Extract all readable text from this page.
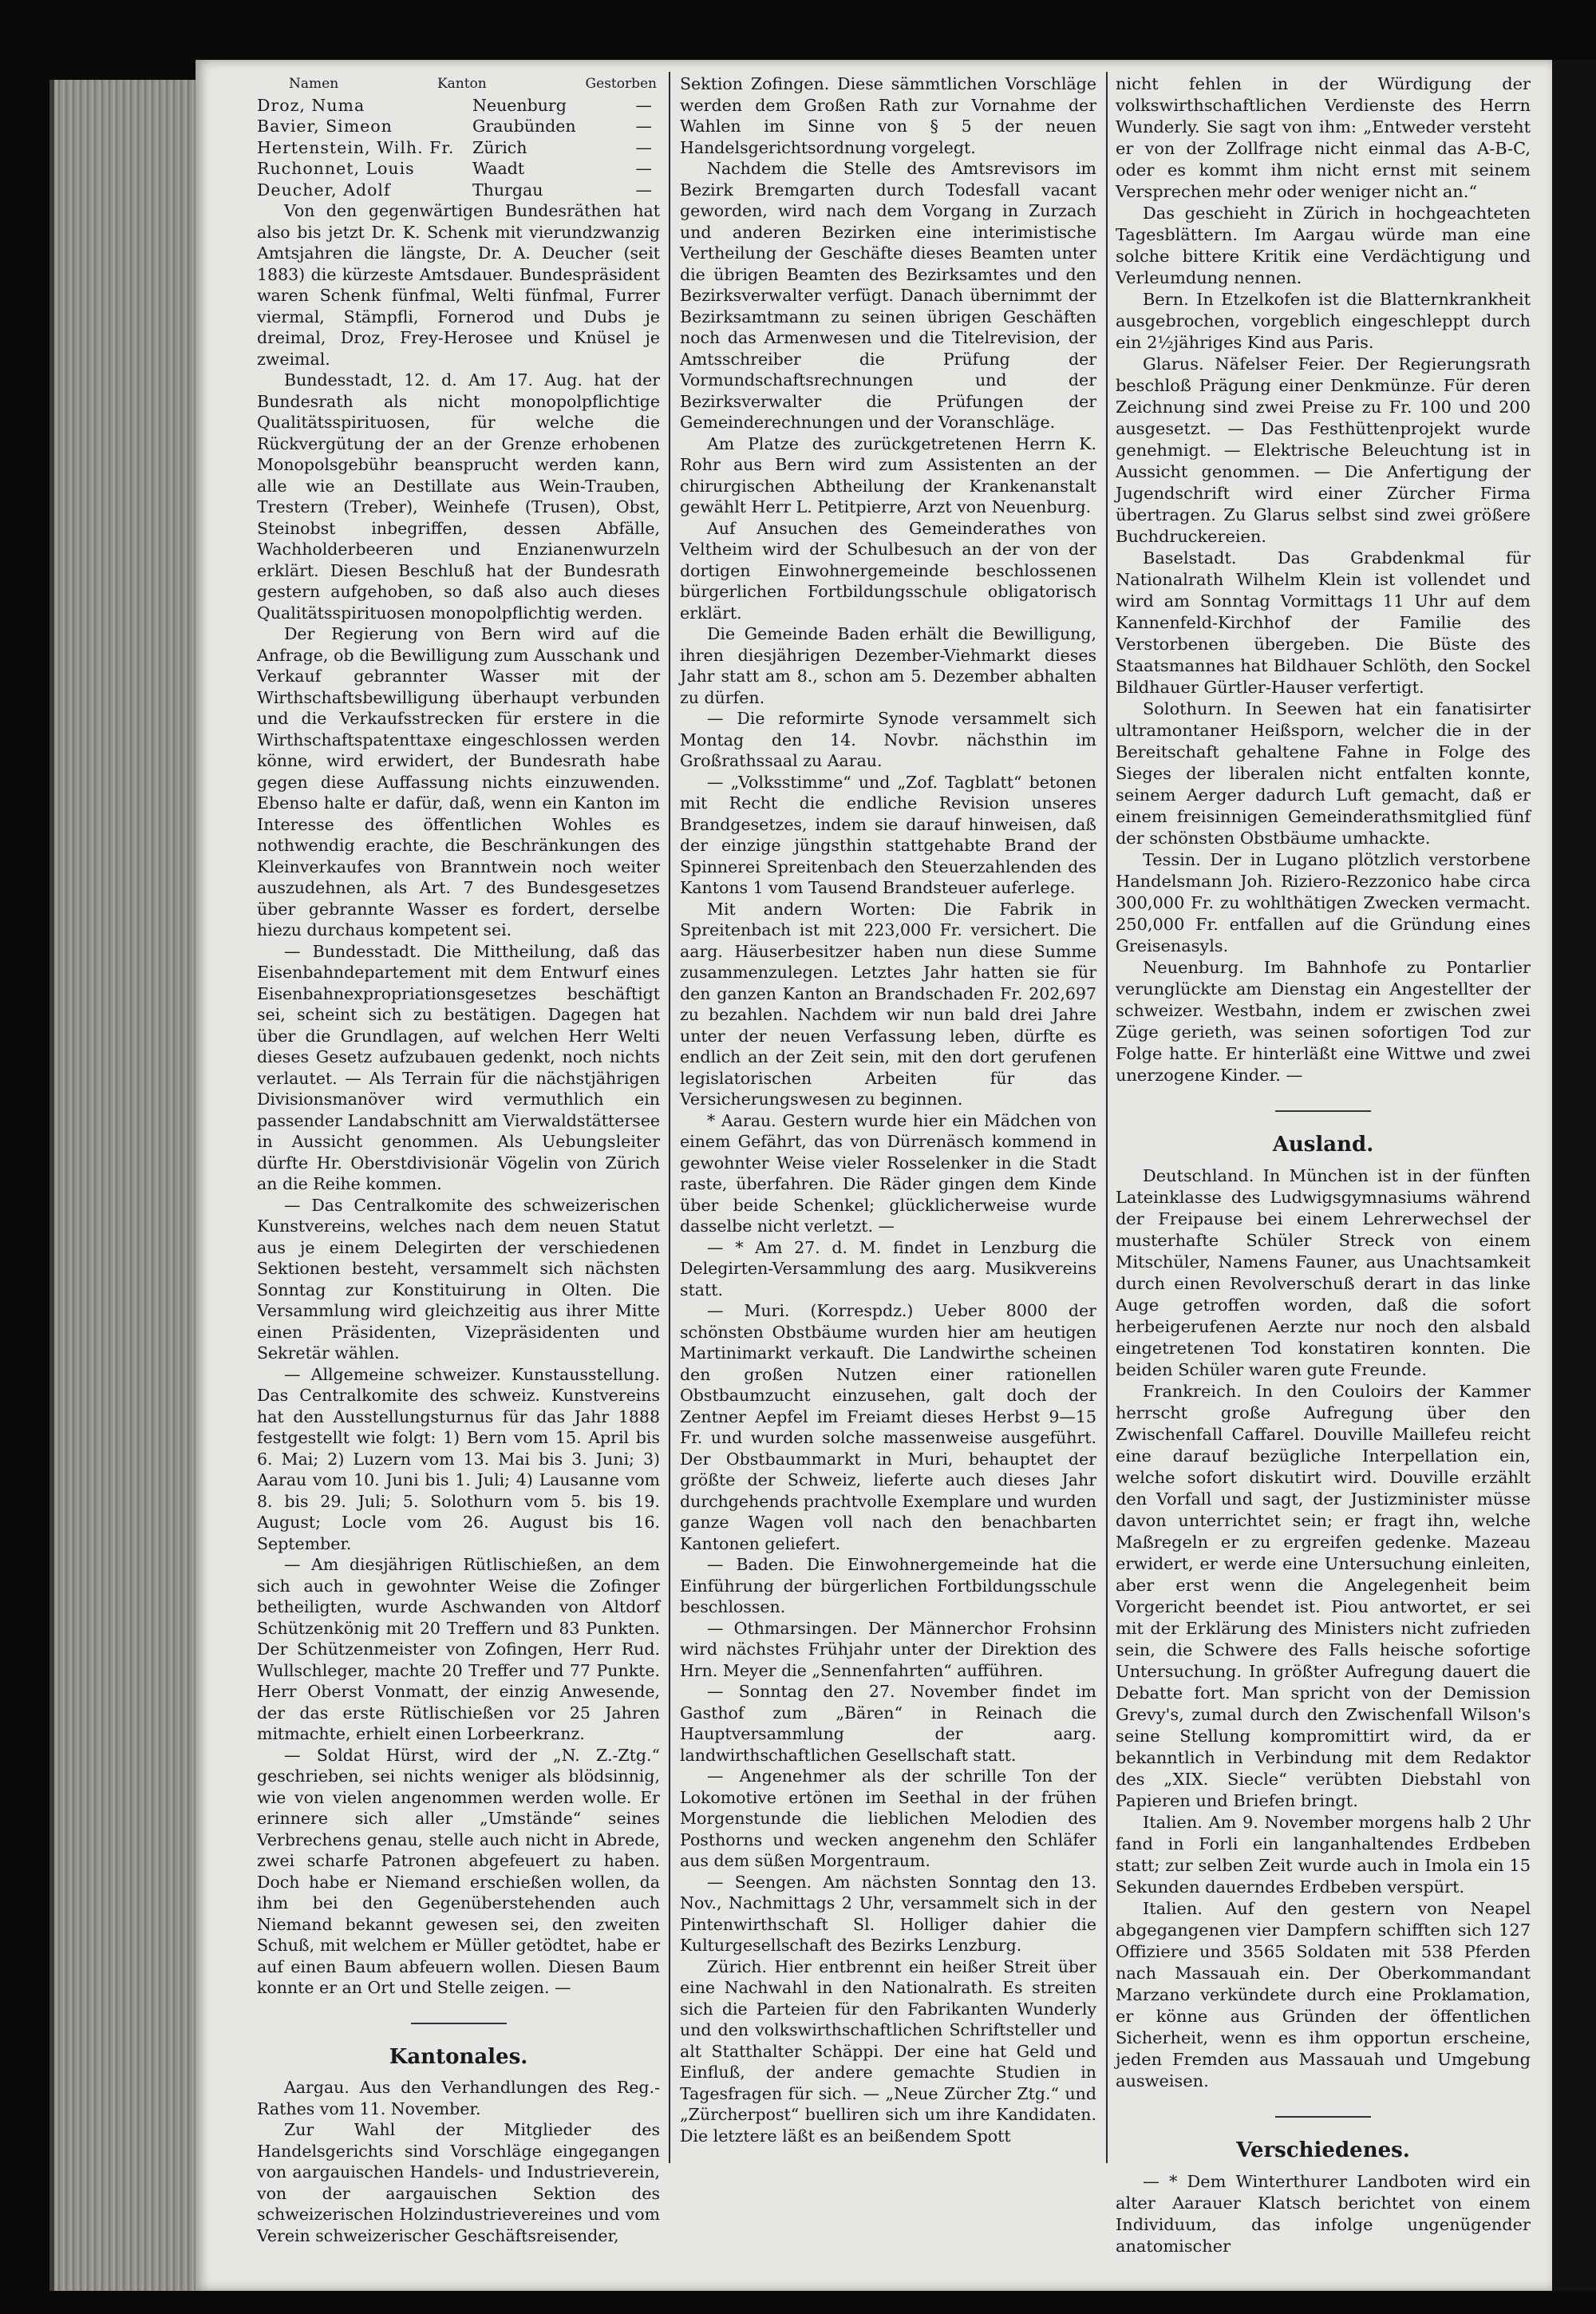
Namen	Kanton	Gestorben
Droz, Numa	Neuenburg	—
Bavier, Simeon	Graubünden	—
Hertenstein, Wilh. Fr.	Zürich	—
Ruchonnet, Louis	Waadt	—
Deucher, Adolf	Thurgau	—

Von den gegenwärtigen Bundesräthen hat also bis jetzt Dr. K. Schenk mit vierundzwanzig Amtsjahren die längste, Dr. A. Deucher (seit 1883) die kürzeste Amtsdauer. Bundespräsident waren Schenk fünfmal, Welti fünfmal, Furrer viermal, Stämpfli, Fornerod und Dubs je dreimal, Droz, Frey-Herosee und Knüsel je zweimal.

Bundesstadt, 12. d. Am 17. Aug. hat der Bundesrath als nicht monopolpflichtige Qualitätsspirituosen, für welche die Rückvergütung der an der Grenze erhobenen Monopolsgebühr beansprucht werden kann, alle wie an Destillate aus Wein-Trauben, Trestern (Treber), Weinhefe (Trusen), Obst, Steinobst inbegriffen, dessen Abfälle, Wachholderbeeren und Enzianenwurzeln erklärt. Diesen Beschluß hat der Bundesrath gestern aufgehoben, so daß also auch dieses Qualitätsspirituosen monopolpflichtig werden.

Der Regierung von Bern wird auf die Anfrage, ob die Bewilligung zum Ausschank und Verkauf gebrannter Wasser mit der Wirthschaftsbewilligung überhaupt verbunden und die Verkaufsstrecken für erstere in die Wirthschaftspatenttaxe eingeschlossen werden könne, wird erwidert, der Bundesrath habe gegen diese Auffassung nichts einzuwenden. Ebenso halte er dafür, daß, wenn ein Kanton im Interesse des öffentlichen Wohles es nothwendig erachte, die Beschränkungen des Kleinverkaufes von Branntwein noch weiter auszudehnen, als Art. 7 des Bundesgesetzes über gebrannte Wasser es fordert, derselbe hiezu durchaus kompetent sei.

— Bundesstadt. Die Mittheilung, daß das Eisenbahndepartement mit dem Entwurf eines Eisenbahnexpropriationsgesetzes beschäftigt sei, scheint sich zu bestätigen. Dagegen hat über die Grundlagen, auf welchen Herr Welti dieses Gesetz aufzubauen gedenkt, noch nichts verlautet. — Als Terrain für die nächstjährigen Divisionsmanöver wird vermuthlich ein passender Landabschnitt am Vierwaldstättersee in Aussicht genommen. Als Uebungsleiter dürfte Hr. Oberstdivisionär Vögelin von Zürich an die Reihe kommen.

— Das Centralkomite des schweizerischen Kunstvereins, welches nach dem neuen Statut aus je einem Delegirten der verschiedenen Sektionen besteht, versammelt sich nächsten Sonntag zur Konstituirung in Olten. Die Versammlung wird gleichzeitig aus ihrer Mitte einen Präsidenten, Vizepräsidenten und Sekretär wählen.

— Allgemeine schweizer. Kunstausstellung. Das Centralkomite des schweiz. Kunstvereins hat den Ausstellungsturnus für das Jahr 1888 festgestellt wie folgt: 1) Bern vom 15. April bis 6. Mai; 2) Luzern vom 13. Mai bis 3. Juni; 3) Aarau vom 10. Juni bis 1. Juli; 4) Lausanne vom 8. bis 29. Juli; 5. Solothurn vom 5. bis 19. August; Locle vom 26. August bis 16. September.

— Am diesjährigen Rütlischießen, an dem sich auch in gewohnter Weise die Zofinger betheiligten, wurde Aschwanden von Altdorf Schützenkönig mit 20 Treffern und 83 Punkten. Der Schützenmeister von Zofingen, Herr Rud. Wullschleger, machte 20 Treffer und 77 Punkte. Herr Oberst Vonmatt, der einzig Anwesende, der das erste Rütlischießen vor 25 Jahren mitmachte, erhielt einen Lorbeerkranz.

— Soldat Hürst, wird der „N. Z.-Ztg.“ geschrieben, sei nichts weniger als blödsinnig, wie von vielen angenommen werden wolle. Er erinnere sich aller „Umstände“ seines Verbrechens genau, stelle auch nicht in Abrede, zwei scharfe Patronen abgefeuert zu haben. Doch habe er Niemand erschießen wollen, da ihm bei den Gegenüberstehenden auch Niemand bekannt gewesen sei, den zweiten Schuß, mit welchem er Müller getödtet, habe er auf einen Baum abfeuern wollen. Diesen Baum konnte er an Ort und Stelle zeigen. —

Kantonales.

Aargau. Aus den Verhandlungen des Reg.-Rathes vom 11. November.

Zur Wahl der Mitglieder des Handelsgerichts sind Vorschläge eingegangen von aargauischen Handels- und Industrieverein, von der aargauischen Sektion des schweizerischen Holzindustrievereines und vom Verein schweizerischer Geschäftsreisender,

Sektion Zofingen. Diese sämmtlichen Vorschläge werden dem Großen Rath zur Vornahme der Wahlen im Sinne von § 5 der neuen Handelsgerichtsordnung vorgelegt.

Nachdem die Stelle des Amtsrevisors im Bezirk Bremgarten durch Todesfall vacant geworden, wird nach dem Vorgang in Zurzach und anderen Bezirken eine interimistische Vertheilung der Geschäfte dieses Beamten unter die übrigen Beamten des Bezirksamtes und den Bezirksverwalter verfügt. Danach übernimmt der Bezirksamtmann zu seinen übrigen Geschäften noch das Armenwesen und die Titelrevision, der Amtsschreiber die Prüfung der Vormundschaftsrechnungen und der Bezirksverwalter die Prüfungen der Gemeinderechnungen und der Voranschläge.

Am Platze des zurückgetretenen Herrn K. Rohr aus Bern wird zum Assistenten an der chirurgischen Abtheilung der Krankenanstalt gewählt Herr L. Petitpierre, Arzt von Neuenburg.

Auf Ansuchen des Gemeinderathes von Veltheim wird der Schulbesuch an der von der dortigen Einwohnergemeinde beschlossenen bürgerlichen Fortbildungsschule obligatorisch erklärt.

Die Gemeinde Baden erhält die Bewilligung, ihren diesjährigen Dezember-Viehmarkt dieses Jahr statt am 8., schon am 5. Dezember abhalten zu dürfen.

— Die reformirte Synode versammelt sich Montag den 14. Novbr. nächsthin im Großrathssaal zu Aarau.

— „Volksstimme“ und „Zof. Tagblatt“ betonen mit Recht die endliche Revision unseres Brandgesetzes, indem sie darauf hinweisen, daß der einzige jüngsthin stattgehabte Brand der Spinnerei Spreitenbach den Steuerzahlenden des Kantons 1 vom Tausend Brandsteuer auferlege.

Mit andern Worten: Die Fabrik in Spreitenbach ist mit 223,000 Fr. versichert. Die aarg. Häuserbesitzer haben nun diese Summe zusammenzulegen. Letztes Jahr hatten sie für den ganzen Kanton an Brandschaden Fr. 202,697 zu bezahlen. Nachdem wir nun bald drei Jahre unter der neuen Verfassung leben, dürfte es endlich an der Zeit sein, mit den dort gerufenen legislatorischen Arbeiten für das Versicherungswesen zu beginnen.

* Aarau. Gestern wurde hier ein Mädchen von einem Gefährt, das von Dürrenäsch kommend in gewohnter Weise vieler Rosselenker in die Stadt raste, überfahren. Die Räder gingen dem Kinde über beide Schenkel; glücklicherweise wurde dasselbe nicht verletzt. —

— * Am 27. d. M. findet in Lenzburg die Delegirten-Versammlung des aarg. Musikvereins statt.

— Muri. (Korrespdz.) Ueber 8000 der schönsten Obstbäume wurden hier am heutigen Martinimarkt verkauft. Die Landwirthe scheinen den großen Nutzen einer rationellen Obstbaumzucht einzusehen, galt doch der Zentner Aepfel im Freiamt dieses Herbst 9—15 Fr. und wurden solche massenweise ausgeführt. Der Obstbaummarkt in Muri, behauptet der größte der Schweiz, lieferte auch dieses Jahr durchgehends prachtvolle Exemplare und wurden ganze Wagen voll nach den benachbarten Kantonen geliefert.

— Baden. Die Einwohnergemeinde hat die Einführung der bürgerlichen Fortbildungsschule beschlossen.

— Othmarsingen. Der Männerchor Frohsinn wird nächstes Frühjahr unter der Direktion des Hrn. Meyer die „Sennenfahrten“ aufführen.

— Sonntag den 27. November findet im Gasthof zum „Bären“ in Reinach die Hauptversammlung der aarg. landwirthschaftlichen Gesellschaft statt.

— Angenehmer als der schrille Ton der Lokomotive ertönen im Seethal in der frühen Morgenstunde die lieblichen Melodien des Posthorns und wecken angenehm den Schläfer aus dem süßen Morgentraum.

— Seengen. Am nächsten Sonntag den 13. Nov., Nachmittags 2 Uhr, versammelt sich in der Pintenwirthschaft Sl. Holliger dahier die Kulturgesellschaft des Bezirks Lenzburg.

Zürich. Hier entbrennt ein heißer Streit über eine Nachwahl in den Nationalrath. Es streiten sich die Parteien für den Fabrikanten Wunderly und den volkswirthschaftlichen Schriftsteller und alt Statthalter Schäppi. Der eine hat Geld und Einfluß, der andere gemachte Studien in Tagesfragen für sich. — „Neue Zürcher Ztg.“ und „Zürcherpost“ buelliren sich um ihre Kandidaten. Die letztere läßt es an beißendem Spott

nicht fehlen in der Würdigung der volkswirthschaftlichen Verdienste des Herrn Wunderly. Sie sagt von ihm: „Entweder versteht er von der Zollfrage nicht einmal das A-B-C, oder es kommt ihm nicht ernst mit seinem Versprechen mehr oder weniger nicht an.“

Das geschieht in Zürich in hochgeachteten Tagesblättern. Im Aargau würde man eine solche bittere Kritik eine Verdächtigung und Verleumdung nennen.

Bern. In Etzelkofen ist die Blatternkrankheit ausgebrochen, vorgeblich eingeschleppt durch ein 2½jähriges Kind aus Paris.

Glarus. Näfelser Feier. Der Regierungsrath beschloß Prägung einer Denkmünze. Für deren Zeichnung sind zwei Preise zu Fr. 100 und 200 ausgesetzt. — Das Festhüttenprojekt wurde genehmigt. — Elektrische Beleuchtung ist in Aussicht genommen. — Die Anfertigung der Jugendschrift wird einer Zürcher Firma übertragen. Zu Glarus selbst sind zwei größere Buchdruckereien.

Baselstadt. Das Grabdenkmal für Nationalrath Wilhelm Klein ist vollendet und wird am Sonntag Vormittags 11 Uhr auf dem Kannenfeld-Kirchhof der Familie des Verstorbenen übergeben. Die Büste des Staatsmannes hat Bildhauer Schlöth, den Sockel Bildhauer Gürtler-Hauser verfertigt.

Solothurn. In Seewen hat ein fanatisirter ultramontaner Heißsporn, welcher die in der Bereitschaft gehaltene Fahne in Folge des Sieges der liberalen nicht entfalten konnte, seinem Aerger dadurch Luft gemacht, daß er einem freisinnigen Gemeinderathsmitglied fünf der schönsten Obstbäume umhackte.

Tessin. Der in Lugano plötzlich verstorbene Handelsmann Joh. Riziero-Rezzonico habe circa 300,000 Fr. zu wohlthätigen Zwecken vermacht. 250,000 Fr. entfallen auf die Gründung eines Greisenasyls.

Neuenburg. Im Bahnhofe zu Pontarlier verunglückte am Dienstag ein Angestellter der schweizer. Westbahn, indem er zwischen zwei Züge gerieth, was seinen sofortigen Tod zur Folge hatte. Er hinterläßt eine Wittwe und zwei unerzogene Kinder. —

Ausland.

Deutschland. In München ist in der fünften Lateinklasse des Ludwigsgymnasiums während der Freipause bei einem Lehrerwechsel der musterhafte Schüler Streck von einem Mitschüler, Namens Fauner, aus Unachtsamkeit durch einen Revolverschuß derart in das linke Auge getroffen worden, daß die sofort herbeigerufenen Aerzte nur noch den alsbald eingetretenen Tod konstatiren konnten. Die beiden Schüler waren gute Freunde.

Frankreich. In den Couloirs der Kammer herrscht große Aufregung über den Zwischenfall Caffarel. Douville Maillefeu reicht eine darauf bezügliche Interpellation ein, welche sofort diskutirt wird. Douville erzählt den Vorfall und sagt, der Justizminister müsse davon unterrichtet sein; er fragt ihn, welche Maßregeln er zu ergreifen gedenke. Mazeau erwidert, er werde eine Untersuchung einleiten, aber erst wenn die Angelegenheit beim Vorgericht beendet ist. Piou antwortet, er sei mit der Erklärung des Ministers nicht zufrieden sein, die Schwere des Falls heische sofortige Untersuchung. In größter Aufregung dauert die Debatte fort. Man spricht von der Demission Grevy's, zumal durch den Zwischenfall Wilson's seine Stellung kompromittirt wird, da er bekanntlich in Verbindung mit dem Redaktor des „XIX. Siecle“ verübten Diebstahl von Papieren und Briefen bringt.

Italien. Am 9. November morgens halb 2 Uhr fand in Forli ein langanhaltendes Erdbeben statt; zur selben Zeit wurde auch in Imola ein 15 Sekunden dauerndes Erdbeben verspürt.

Italien. Auf den gestern von Neapel abgegangenen vier Dampfern schifften sich 127 Offiziere und 3565 Soldaten mit 538 Pferden nach Massauah ein. Der Oberkommandant Marzano verkündete durch eine Proklamation, er könne aus Gründen der öffentlichen Sicherheit, wenn es ihm opportun erscheine, jeden Fremden aus Massauah und Umgebung ausweisen.

Verschiedenes.

— * Dem Winterthurer Landboten wird ein alter Aarauer Klatsch berichtet von einem Individuum, das infolge ungenügender anatomischer
